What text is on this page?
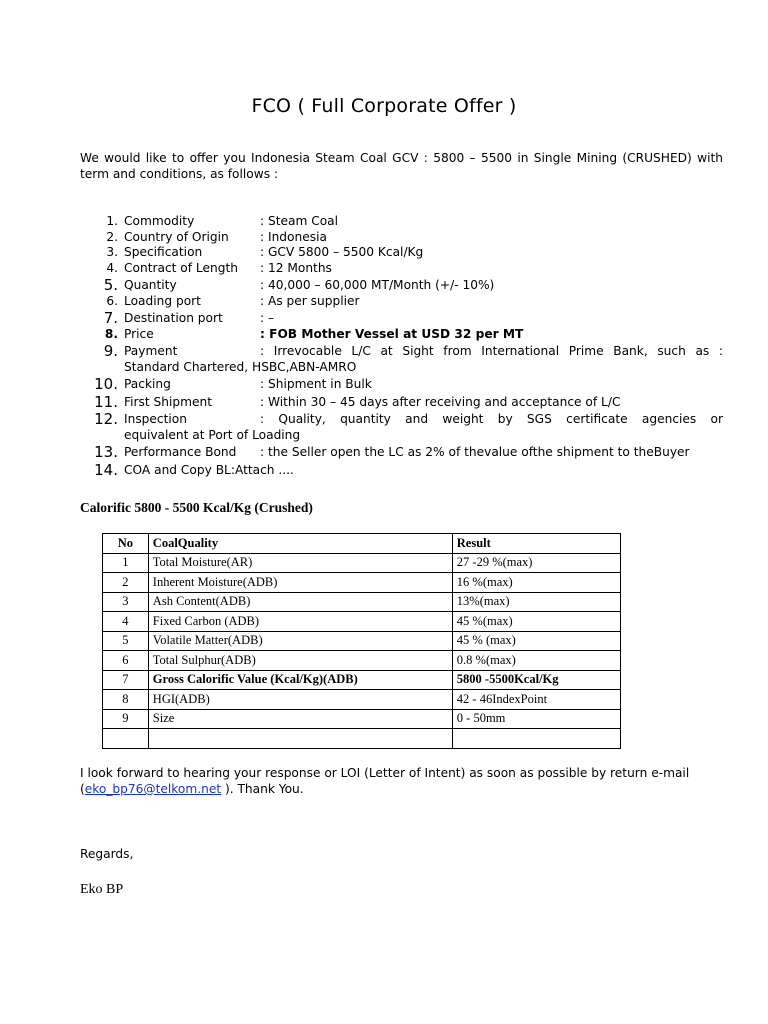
FCO ( Full Corporate Offer )
We would like to offer you Indonesia Steam Coal GCV : 5800 – 5500 in Single Mining (CRUSHED) with term and conditions, as follows :
1. Commodity	: Steam Coal
2. Country of Origin	: Indonesia
3. Specification	: GCV 5800 – 5500 Kcal/Kg
4. Contract of Length : 12 Months
5. Quantity	: 40,000 – 60,000 MT/Month (+/- 10%)
6. Loading port	: As per supplier
7. Destination port	: –
8. Price	: FOB Mother Vessel at USD 32 per MT
9. Payment	: Irrevocable L/C at Sight from International Prime Bank, such as :
Standard Chartered, HSBC,ABN-AMRO
10. Packing	: Shipment in Bulk
11. First Shipment	: Within 30 – 45 days after receiving and acceptance of L/C
12. Inspection	: Quality, quantity and weight by SGS certificate agencies or
equivalent at Port of Loading
13. Performance Bond : the Seller open the LC as 2% of thevalue ofthe shipment to theBuyer
14. COA and Copy BL:Attach ....
Calorific 5800 - 5500 Kcal/Kg (Crushed)
No	CoalQuality	Result
1	Total Moisture(AR)	27 -29 %(max)
2	Inherent Moisture(ADB)	16 %(max)
3	Ash Content(ADB)	13%(max)
4	Fixed Carbon (ADB)	45 %(max)
5	Volatile Matter(ADB)	45 % (max)
6	Total Sulphur(ADB)	0.8 %(max)
7	Gross Calorific Value (Kcal/Kg)(ADB)	5800 -5500Kcal/Kg
8	HGI(ADB)	42 - 46IndexPoint
9	Size	0 - 50mm

I look forward to hearing your response or LOI (Letter of Intent) as soon as possible by return e-mail (eko_bp76@telkom.net ). Thank You.
Regards,
Eko BP
